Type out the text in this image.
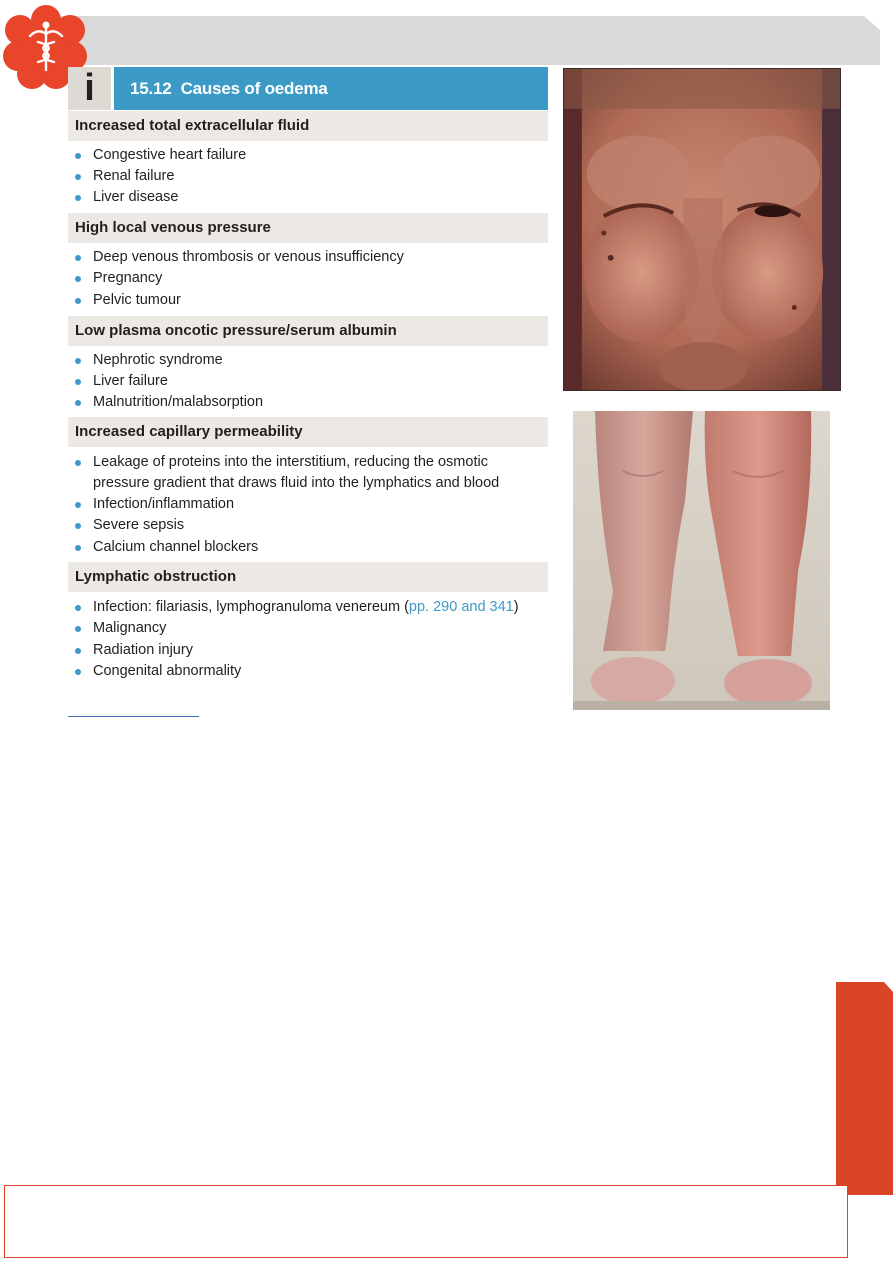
i	15.12 Causes of oedema
Increased total extracellular fluid
Congestive heart failure
Renal failure
Liver disease
High local venous pressure
Deep venous thrombosis or venous insufficiency
Pregnancy
Pelvic tumour
Low plasma oncotic pressure/serum albumin
Nephrotic syndrome
Liver failure
Malnutrition/malabsorption
Increased capillary permeability
Leakage of proteins into the interstitium, reducing the osmotic pressure gradient that draws fluid into the lymphatics and blood
Infection/inflammation
Severe sepsis
Calcium channel blockers
Lymphatic obstruction
Infection: filariasis, lymphogranuloma venereum (pp. 290 and 341)
Malignancy
Radiation injury
Congenital abnormality
